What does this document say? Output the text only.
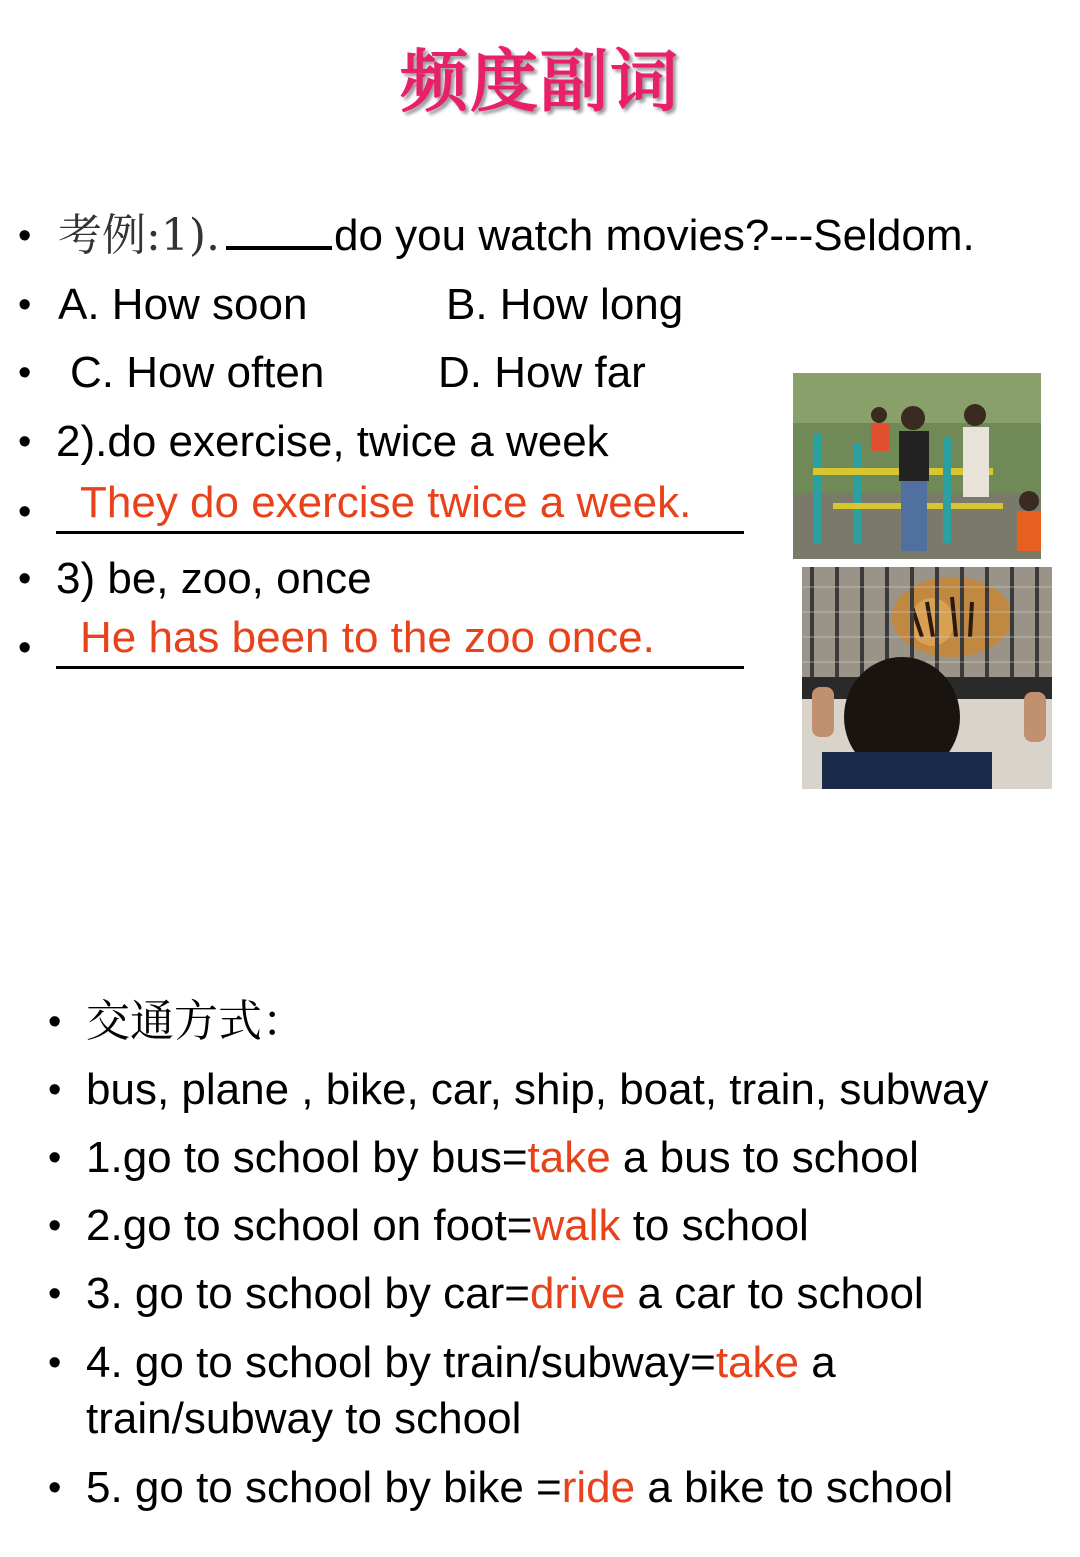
频度副词
• 考例:1).	do you watch movies?---Seldom.
• A. How soon	B. How long
• C. How often	D. How far
• 2).do exercise, twice a week
•	They do exercise twice a week.
• 3) be, zoo, once
•	He has been to the zoo once.
• 交通方式：
• bus, plane , bike, car, ship, boat, train, subway
• 1.go to school by bus=take a bus to school
• 2.go to school on foot=walk to school
• 3. go to school by car=drive a car to school
• 4. go to school by train/subway=take a
train/subway to school
• 5. go to school by bike =ride a bike to school
